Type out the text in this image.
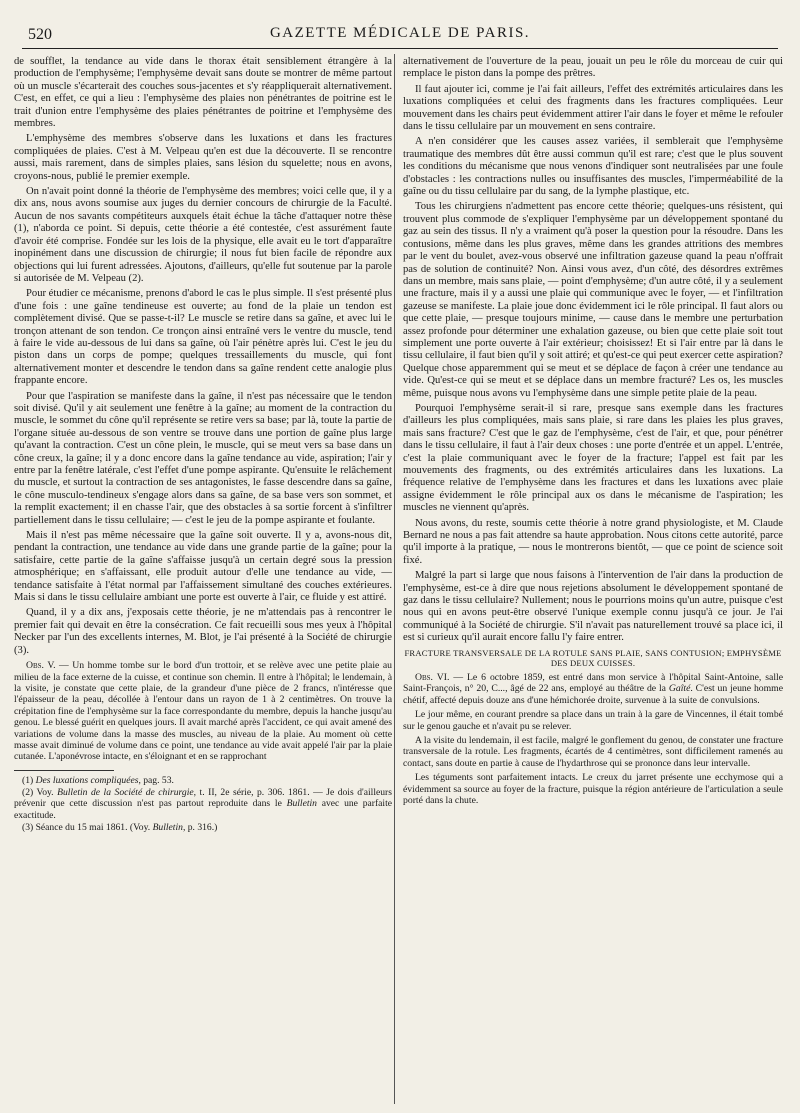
520	GAZETTE MÉDICALE DE PARIS.

de soufflet, la tendance au vide dans le thorax était sensiblement étrangère à la production de l'emphysème; l'emphysème devait sans doute se montrer de même partout où un muscle s'écarterait des couches sous-jacentes et s'y réappliquerait alternativement. C'est, en effet, ce qui a lieu : l'emphysème des plaies non pénétrantes de poitrine est le trait d'union entre l'emphysème des plaies pénétrantes de poitrine et l'emphysème des membres.

L'emphysème des membres s'observe dans les luxations et dans les fractures compliquées de plaies. C'est à M. Velpeau qu'en est due la découverte. Il se rencontre aussi, mais rarement, dans de simples plaies, sans lésion du squelette; nous en avons, croyons-nous, publié le premier exemple.

On n'avait point donné la théorie de l'emphysème des membres; voici celle que, il y a dix ans, nous avons soumise aux juges du dernier concours de chirurgie de la Faculté. Aucun de nos savants compétiteurs auxquels était échue la tâche d'attaquer notre thèse (1), n'aborda ce point. Si depuis, cette théorie a été contestée, c'est assurément faute d'avoir été comprise. Fondée sur les lois de la physique, elle avait eu le tort d'apparaître inopinément dans une discussion de chirurgie; il nous fut bien facile de répondre aux objections qui lui furent adressées. Ajoutons, d'ailleurs, qu'elle fut soutenue par la parole si autorisée de M. Velpeau (2).

Pour étudier ce mécanisme, prenons d'abord le cas le plus simple. Il s'est présenté plus d'une fois : une gaîne tendineuse est ouverte; au fond de la plaie un tendon est complètement divisé. Que se passe-t-il? Le muscle se retire dans sa gaîne, et avec lui le tronçon attenant de son tendon. Ce tronçon ainsi entraîné vers le ventre du muscle, tend à faire le vide au-dessous de lui dans sa gaîne, où l'air pénètre après lui. C'est le jeu du piston dans un corps de pompe; quelques tressaillements du muscle, qui font alternativement monter et descendre le tendon dans sa gaîne rendent cette analogie plus frappante encore.

Pour que l'aspiration se manifeste dans la gaîne, il n'est pas nécessaire que le tendon soit divisé. Qu'il y ait seulement une fenêtre à la gaîne; au moment de la contraction du muscle, le sommet du cône qu'il représente se retire vers sa base; par là, toute la partie de l'organe située au-dessous de son ventre se trouve dans une portion de gaîne plus large qu'avant la contraction. C'est un cône plein, le muscle, qui se meut vers sa base dans un cône creux, la gaîne; il y a donc encore dans la gaîne tendance au vide, aspiration; l'air y entre par la fenêtre latérale, c'est l'effet d'une pompe aspirante. Qu'ensuite le relâchement du muscle, et surtout la contraction de ses antagonistes, le fasse descendre dans sa gaîne, le cône musculo-tendineux s'engage alors dans sa gaîne, de sa base vers son sommet, et la remplit exactement; il en chasse l'air, que des obstacles à sa sortie forcent à s'infiltrer partiellement dans le tissu cellulaire; — c'est le jeu de la pompe aspirante et foulante.

Mais il n'est pas même nécessaire que la gaîne soit ouverte. Il y a, avons-nous dit, pendant la contraction, une tendance au vide dans une grande partie de la gaîne; pour la satisfaire, cette partie de la gaîne s'affaisse jusqu'à un certain degré sous la pression atmosphérique; en s'affaissant, elle produit autour d'elle une tendance au vide, — tendance satisfaite à l'état normal par l'affaissement simultané des couches extérieures. Mais si dans le tissu cellulaire ambiant une porte est ouverte à l'air, ce fluide y est attiré.

Quand, il y a dix ans, j'exposais cette théorie, je ne m'attendais pas à rencontrer le premier fait qui devait en être la consécration. Ce fait recueilli sous mes yeux à l'hôpital Necker par l'un des excellents internes, M. Blot, je l'ai présenté à la Société de chirurgie (3).

Obs. V. — Un homme tombe sur le bord d'un trottoir, et se relève avec une petite plaie au milieu de la face externe de la cuisse, et continue son chemin. Il entre à l'hôpital; le lendemain, à la visite, je constate que cette plaie, de la grandeur d'une pièce de 2 francs, n'intéresse que l'épaisseur de la peau, décollée à l'entour dans un rayon de 1 à 2 centimètres. On trouve la crépitation fine de l'emphysème sur la face correspondante du membre, depuis la hanche jusqu'au genou. Le blessé guérit en quelques jours. Il avait marché après l'accident, ce qui avait amené des variations de volume dans la masse des muscles, au niveau de la plaie. Au moment où cette masse avait diminué de volume dans ce point, une tendance au vide avait appelé l'air par la plaie cutanée. L'aponévrose intacte, en s'éloignant et en se rapprochant

(1) Des luxations compliquées, pag. 53.

(2) Voy. Bulletin de la Société de chirurgie, t. II, 2e série, p. 306. 1861. — Je dois d'ailleurs prévenir que cette discussion n'est pas partout reproduite dans le Bulletin avec une parfaite exactitude.

(3) Séance du 15 mai 1861. (Voy. Bulletin, p. 316.)

alternativement de l'ouverture de la peau, jouait un peu le rôle du morceau de cuir qui remplace le piston dans la pompe des prêtres.

Il faut ajouter ici, comme je l'ai fait ailleurs, l'effet des extrémités articulaires dans les luxations compliquées et celui des fragments dans les fractures compliquées. Leur mouvement dans les chairs peut évidemment attirer l'air dans le foyer et même le refouler dans le tissu cellulaire par un mouvement en sens contraire.

A n'en considérer que les causes assez variées, il semblerait que l'emphysème traumatique des membres dût être aussi commun qu'il est rare; c'est que le plus souvent les conditions du mécanisme que nous venons d'indiquer sont neutralisées par une foule d'obstacles : les contractions nulles ou insuffisantes des muscles, l'imperméabilité de la gaîne ou du tissu cellulaire par du sang, de la lymphe plastique, etc.

Tous les chirurgiens n'admettent pas encore cette théorie; quelques-uns résistent, qui trouvent plus commode de s'expliquer l'emphysème par un développement spontané du gaz au sein des tissus. Il n'y a vraiment qu'à poser la question pour la résoudre. Dans les contusions, même dans les plus graves, même dans les grandes attritions des membres par le vent du boulet, avez-vous observé une infiltration gazeuse quand la peau n'offrait pas de solution de continuité? Non. Ainsi vous avez, d'un côté, des désordres extrêmes dans un membre, mais sans plaie, — point d'emphysème; d'un autre côté, il y a seulement une fracture, mais il y a aussi une plaie qui communique avec le foyer, — et l'infiltration gazeuse se manifeste. La plaie joue donc évidemment ici le rôle principal. Il faut alors ou que cette plaie, — presque toujours minime, — cause dans le membre une perturbation assez profonde pour déterminer une exhalation gazeuse, ou bien que cette plaie soit tout simplement une porte ouverte à l'air extérieur; choisissez! Et si l'air entre par là dans le tissu cellulaire, il faut bien qu'il y soit attiré; et qu'est-ce qui peut exercer cette aspiration? Quelque chose apparemment qui se meut et se déplace de façon à créer une tendance au vide. Qu'est-ce qui se meut et se déplace dans un membre fracturé? Les os, les muscles même, puisque nous avons vu l'emphysème dans une simple petite plaie de la peau.

Pourquoi l'emphysème serait-il si rare, presque sans exemple dans les fractures d'ailleurs les plus compliquées, mais sans plaie, si rare dans les plaies les plus graves, mais sans fracture? C'est que le gaz de l'emphysème, c'est de l'air, et que, pour pénétrer dans le tissu cellulaire, il faut à l'air deux choses : une porte d'entrée et un appel. L'entrée, c'est la plaie communiquant avec le foyer de la fracture; l'appel est fait par les mouvements des fragments, ou des extrémités articulaires dans les luxations. La fréquence relative de l'emphysème dans les fractures et dans les luxations avec plaie assigne évidemment le rôle principal aux os dans le mécanisme de l'aspiration; les muscles ne viennent qu'après.

Nous avons, du reste, soumis cette théorie à notre grand physiologiste, et M. Claude Bernard ne nous a pas fait attendre sa haute approbation. Nous citons cette autorité, parce qu'il importe à la pratique, — nous le montrerons bientôt, — que ce point de science soit fixé.

Malgré la part si large que nous faisons à l'intervention de l'air dans la production de l'emphysème, est-ce à dire que nous rejetions absolument le développement spontané de gaz dans le tissu cellulaire? Nullement; nous le pourrions moins qu'un autre, puisque c'est nous qui en avons peut-être observé l'unique exemple connu jusqu'à ce jour. Je l'ai communiqué à la Société de chirurgie. S'il n'avait pas naturellement trouvé sa place ici, il est si curieux qu'il aurait encore fallu l'y faire entrer.

FRACTURE TRANSVERSALE DE LA ROTULE SANS PLAIE, SANS CONTUSION; EMPHYSÈME DES DEUX CUISSES.

Obs. VI. — Le 6 octobre 1859, est entré dans mon service à l'hôpital Saint-Antoine, salle Saint-François, n° 20, C..., âgé de 22 ans, employé au théâtre de la Gaîté. C'est un jeune homme chétif, affecté depuis douze ans d'une hémichorée droite, survenue à la suite de convulsions.

Le jour même, en courant prendre sa place dans un train à la gare de Vincennes, il était tombé sur le genou gauche et n'avait pu se relever.

A la visite du lendemain, il est facile, malgré le gonflement du genou, de constater une fracture transversale de la rotule. Les fragments, écartés de 4 centimètres, sont difficilement ramenés au contact, sans doute en partie à cause de l'hydarthrose qui se prononce dans leur intervalle.

Les téguments sont parfaitement intacts. Le creux du jarret présente une ecchymose qui a évidemment sa source au foyer de la fracture, puisque la région antérieure de l'articulation a seule porté dans la chute.
